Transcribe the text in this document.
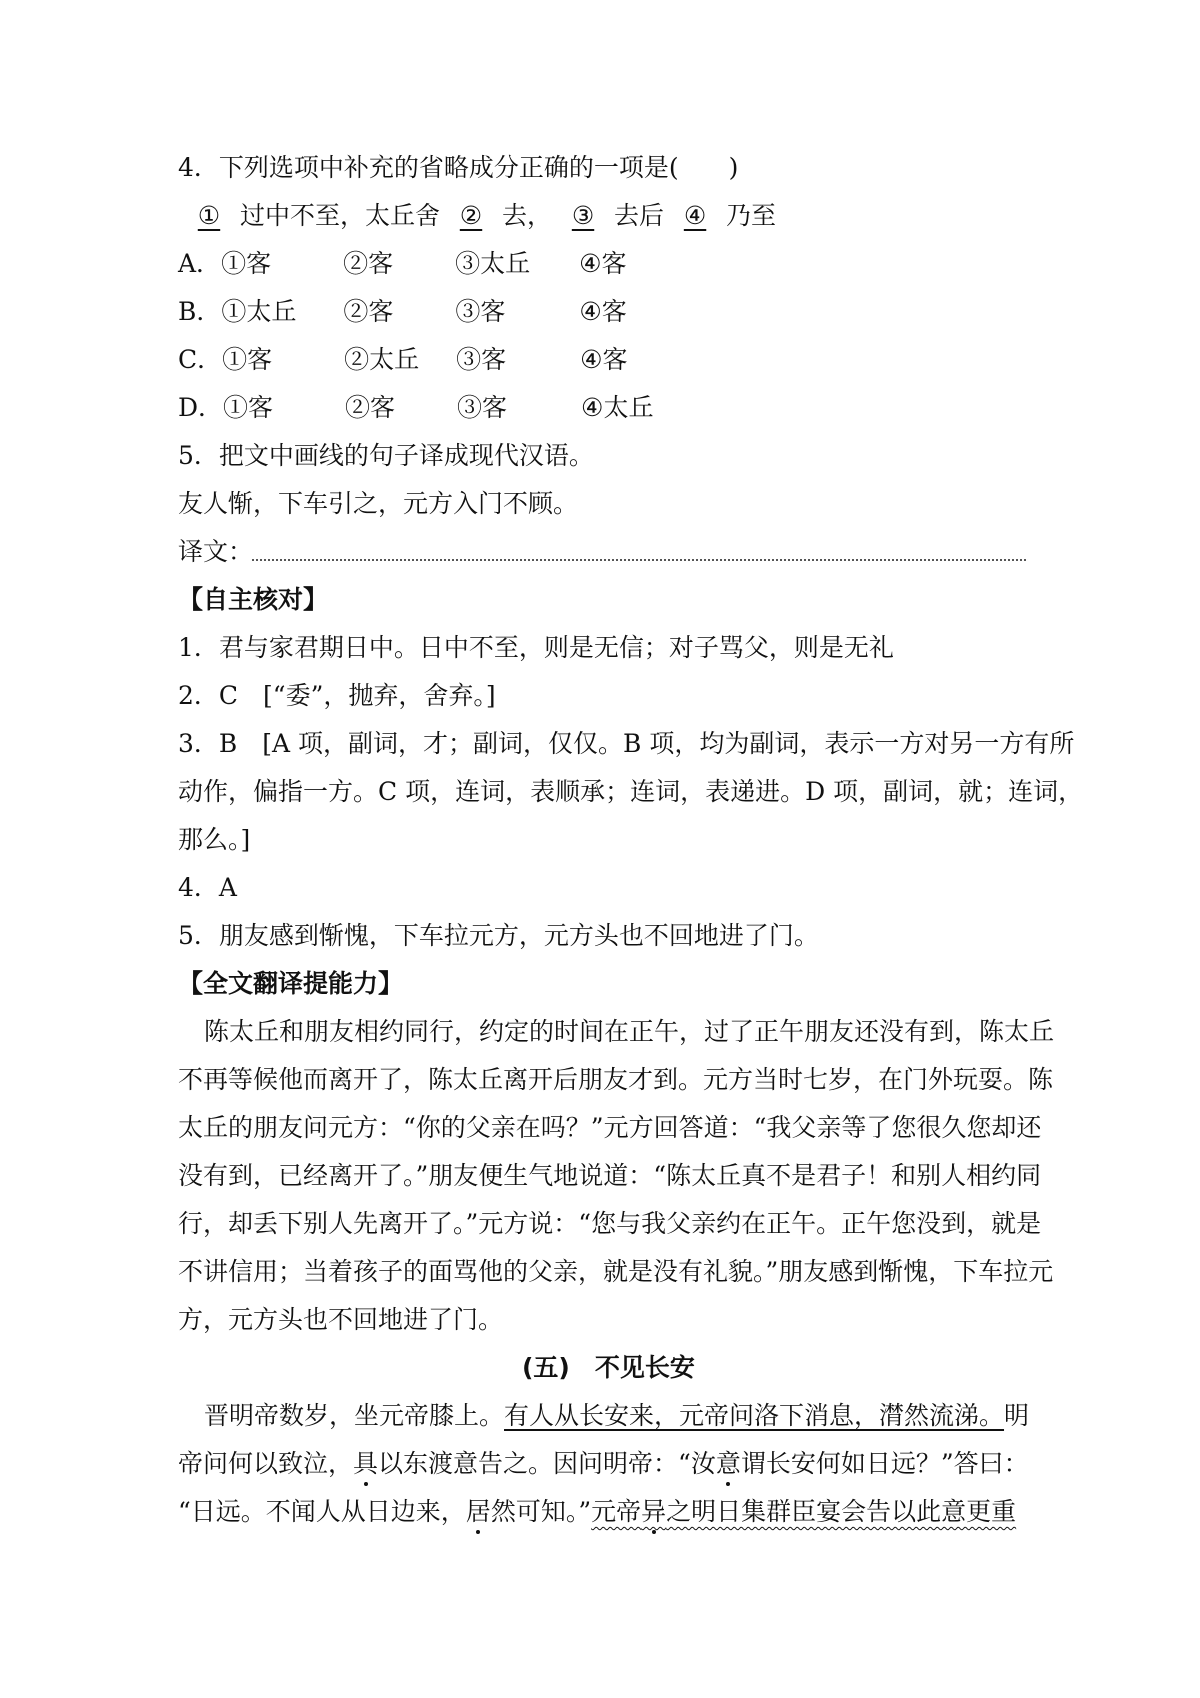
4．下列选项中补充的省略成分正确的一项是(　　)
① 过中不至，太丘舍 ② 去， ③ 去后 ④ 乃至
A．①客	②客 ③太丘 ④客
B．①太丘 ②客 ③客	④客
C．①客	②太丘 ③客	④客
D．①客	②客 ③客	④太丘
5．把文中画线的句子译成现代汉语。
友人惭，下车引之，元方入门不顾。
译文：
【自主核对】
1．君与家君期日中。日中不至，则是无信；对子骂父，则是无礼
2．C　[“委”，抛弃，舍弃。]
3．B　[A 项，副词，才；副词，仅仅。B 项，均为副词，表示一方对另一方有所
动作，偏指一方。C 项，连词，表顺承；连词，表递进。D 项，副词，就；连词，
那么。]
4．A
5．朋友感到惭愧，下车拉元方，元方头也不回地进了门。
【全文翻译提能力】
陈太丘和朋友相约同行，约定的时间在正午，过了正午朋友还没有到，陈太丘
不再等候他而离开了，陈太丘离开后朋友才到。元方当时七岁，在门外玩耍。陈
太丘的朋友问元方：“你的父亲在吗？”元方回答道：“我父亲等了您很久您却还
没有到，已经离开了。”朋友便生气地说道：“陈太丘真不是君子！和别人相约同
行，却丢下别人先离开了。”元方说：“您与我父亲约在正午。正午您没到，就是
不讲信用；当着孩子的面骂他的父亲，就是没有礼貌。”朋友感到惭愧，下车拉元
方，元方头也不回地进了门。
(五)　不见长安
晋明帝数岁，坐元帝膝上。有人从长安来，元帝问洛下消息，潸然流涕。明
帝问何以致泣，具以东渡意告之。因问明帝：“汝意谓长安何如日远？”答曰：
“日远。不闻人从日边来，居然可知。”元帝异之明日集群臣宴会告以此意更重
